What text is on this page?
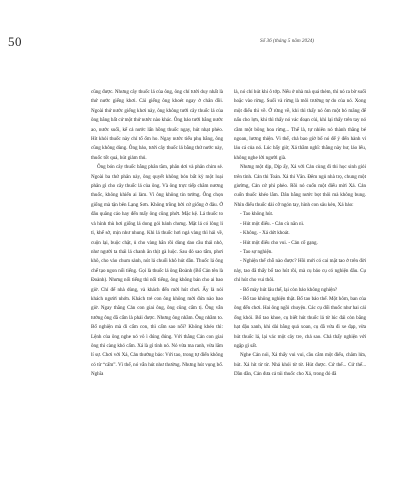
50	Số 36 (tháng 5 năm 2024)

cũng được. Nhưng cây thuốc lá của ông, ông chỉ tưới duy nhất là thứ nước giếng khơi. Cái giếng ông khoét ngay ở chân đồi. Ngoài thứ nước giếng khơi này, ông không tưới cây thuốc lá của ông bằng bất cứ một thứ nước nào khác. Ông bảo tưới bằng nước ao, nước suối, kể cả nước lấn hồng thuốc ngay, hút nhạt phèo. Hít khói thuốc này chỉ tổ ốm ho. Ngay nước tiểu phụ bằng, ông cũng không dùng. Ông bảo, tưới cây thuốc lá bằng thứ nước này, thuốc tốt quá, hút giảm thủ.

Ông bón cây thuốc bằng phân tằm, phân dơi và phân chim sẻ. Ngoài ba thứ phân này, ông quyết không bón bất kỳ một loại phân gì cho cây thuốc lá của ông. Và ông trực tiếp chăm nương thuốc, không khiến ai làm. Vì ông không tin tưởng. Ông chọn giống mà tận bên Lạng Sơn. Không trồng bởi cứ giống ở đâu. Ở đâu quãng cáo hay đến mấy ông cũng phớt. Mặc kệ. Lá thuốc to và hình thù hơi giống lá dong gói bánh chưng. Mặt lá có lông li tỉ, khế sờ, mịn như nhung. Khi lá thuốc hơi ngả vàng thì hái về, cuộn lại, buộc chặt, ủ cho vàng hẳn rồi dùng dao cầu thái nhỏ, như người ta thái lá chanh ăn thịt gà luộc. Sau đó sao tẩm, phơi khô, cho vào chum sành, nút lá chuối khô hút dần. Thuốc lá ông chế tạo ngon nổi tiếng. Gọi là thuốc lá ông Đoành (Bố Cản tên là Đoành). Nhưng nổi tiếng thì nổi tiếng, ông không bán cho ai bao giờ. Chỉ để nhà dùng, và khách đến mời hút chơi. Ấy là nói khách người nhớn. Khách trẻ con ông không mời đứa nào bao giờ. Ngay thằng Cản con giai ông, ông cũng cấm tị. Ông vẫn tướng ông đã cấm là phải được. Nhưng ông nhầm. Ông nhầm to. Bố nghiện mà đi cấm con, thì cấm sao nổi? Không khéo thì: Lệnh của ông nghe nó vô ì đúng đúng. Với thằng Cản con giai ông thì càng khó cấm. Xá là gì tình nó. Nó vừa ma ranh, vừa lắm lí sự. Chơi với Xá, Cản thường bảo: Với tao, trong tự điển không có từ “cấm”. Vì thế, nó vẫn hút như thường. Nhưng hút vụng bố. Nghĩa

là, nó chỉ hút khi ô tớp. Nếu ở nhà mà quá thèm, thì nó ra bờ suối hoặc vào rừng. Suối và rừng là môi trường tự do của nó. Xong một điếu thì về. Ở rừng về, khi thì thấy nó ôm một bó măng đế nấu cho lợn, khi thì thấy nó vác đoạn củi, khi lại thấy trên tay nó cầm một bông hoa rừng... Thế là, tự nhiên nó thành thằng bé ngoan, lương thiện. Vì thế, chả bao giờ bố nó để ý đến hành vi láu cá của nó. Lúc bấy giờ, Xá thầm nghĩ: thằng này hư, láo lếu, không nghe lời người già.

Nhưng một dịp, Dịp ấy, Xá với Cản cùng đi thi học sinh giỏi trên tỉnh. Cản thi Toán. Xá thi Văn. Đêm ngủ nhà trọ, chung một giường, Cản cứ phì phèo. Rồi nó cuốn một điếu mời Xá. Cản cuốn thuốc khéo lắm. Dân bằng nước bọt thôi mà không bung. Nhìn điếu thuốc dài cỡ ngón tay, hình con sâu kèn, Xá bảo:

- Tao không hút.

- Hút một điếu. - Cản cù nằn nì.

- Không. - Xá dứt khoát.

- Hút một điếu cho vui. - Cản cố gạng.

- Tao sợ nghiện.

- Nghiện thế chỗ nào được? Hồi mới có cai mặt tao ở trên đời này, tao đã thấy bố tao hút rồi, mà cụ bảo cụ có nghiện đâu. Cụ chỉ hút cho vui thôi.

- Bố mày hút lâu thế, lại còn bảo không nghiện?

- Bố tao không nghiện thật. Bố tao bảo thế. Một hôm, ban của ông đến chơi. Hai ông ngồi chuyện. Các cụ đối thuốc như hai cái ống khói. Bố tao khoe, cụ biết hút thuốc lá từ lúc đái còn bắng hạt đậu xanh, khi dài bằng quả xoan, cụ đã vứa đi xe đạp, vừa hút thuốc lá, lại vác một cây tre, chả sao. Chả thấy nghiện với ngập gì sất.

Nghe Cản nói, Xá thấy vui vui, cầu cắm một điếu, châm lửa, hút. Xá hít từ từ. Nhả khói từ từ. Hút được. Cứ thế... Cứ thế... Dần dần, Cản đưa cả túi thuốc cho Xá, trong đó đã
